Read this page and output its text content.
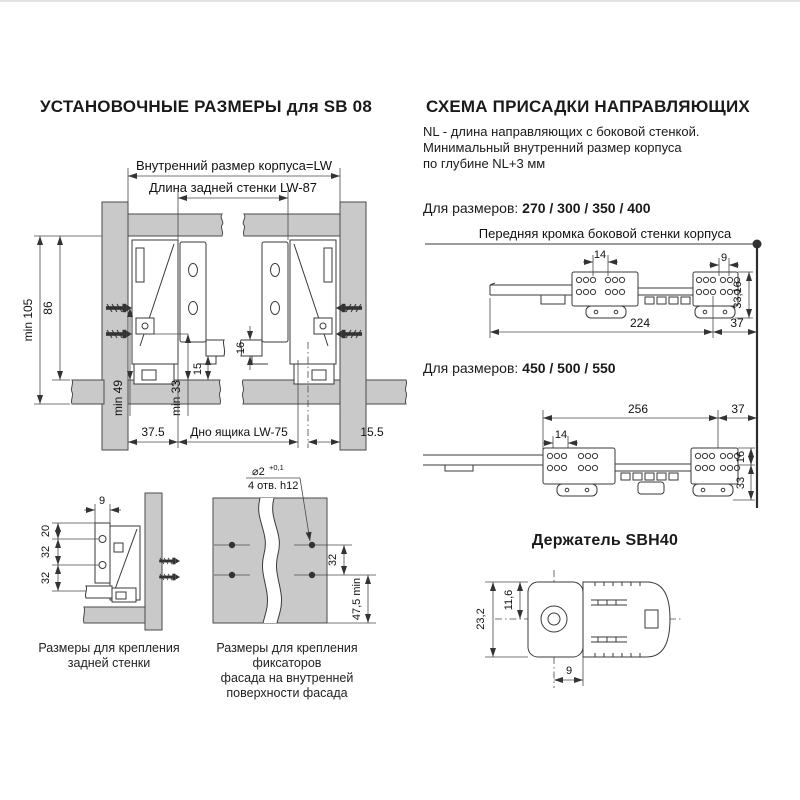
УСТАНОВОЧНЫЕ РАЗМЕРЫ для SB 08
Внутренний размер корпуса=LW
Длина задней стенки LW-87
min 105 86
min 49	min 33
16
15
37.5 Дно ящика LW-75	15.5
9
20
32
32
Размеры для крепления
задней стенки
⌀2 +0,1
4 отв. h12
32
47,5 min
Размеры для крепления фиксаторов
фасада на внутренней
поверхности фасада
СХЕМА ПРИСАДКИ НАПРАВЛЯЮЩИХ
NL - длина направляющих с боковой стенкой.
Минимальный внутренний размер корпуса
по глубине NL+3 мм
Для размеров: 270 / 300 / 350 / 400
Передняя кромка боковой стенки корпуса
14	9
224	37
33,16
256	37
14
16
33
Для размеров: 450 / 500 / 550
Держатель SBH40
23,2
11,6
9
